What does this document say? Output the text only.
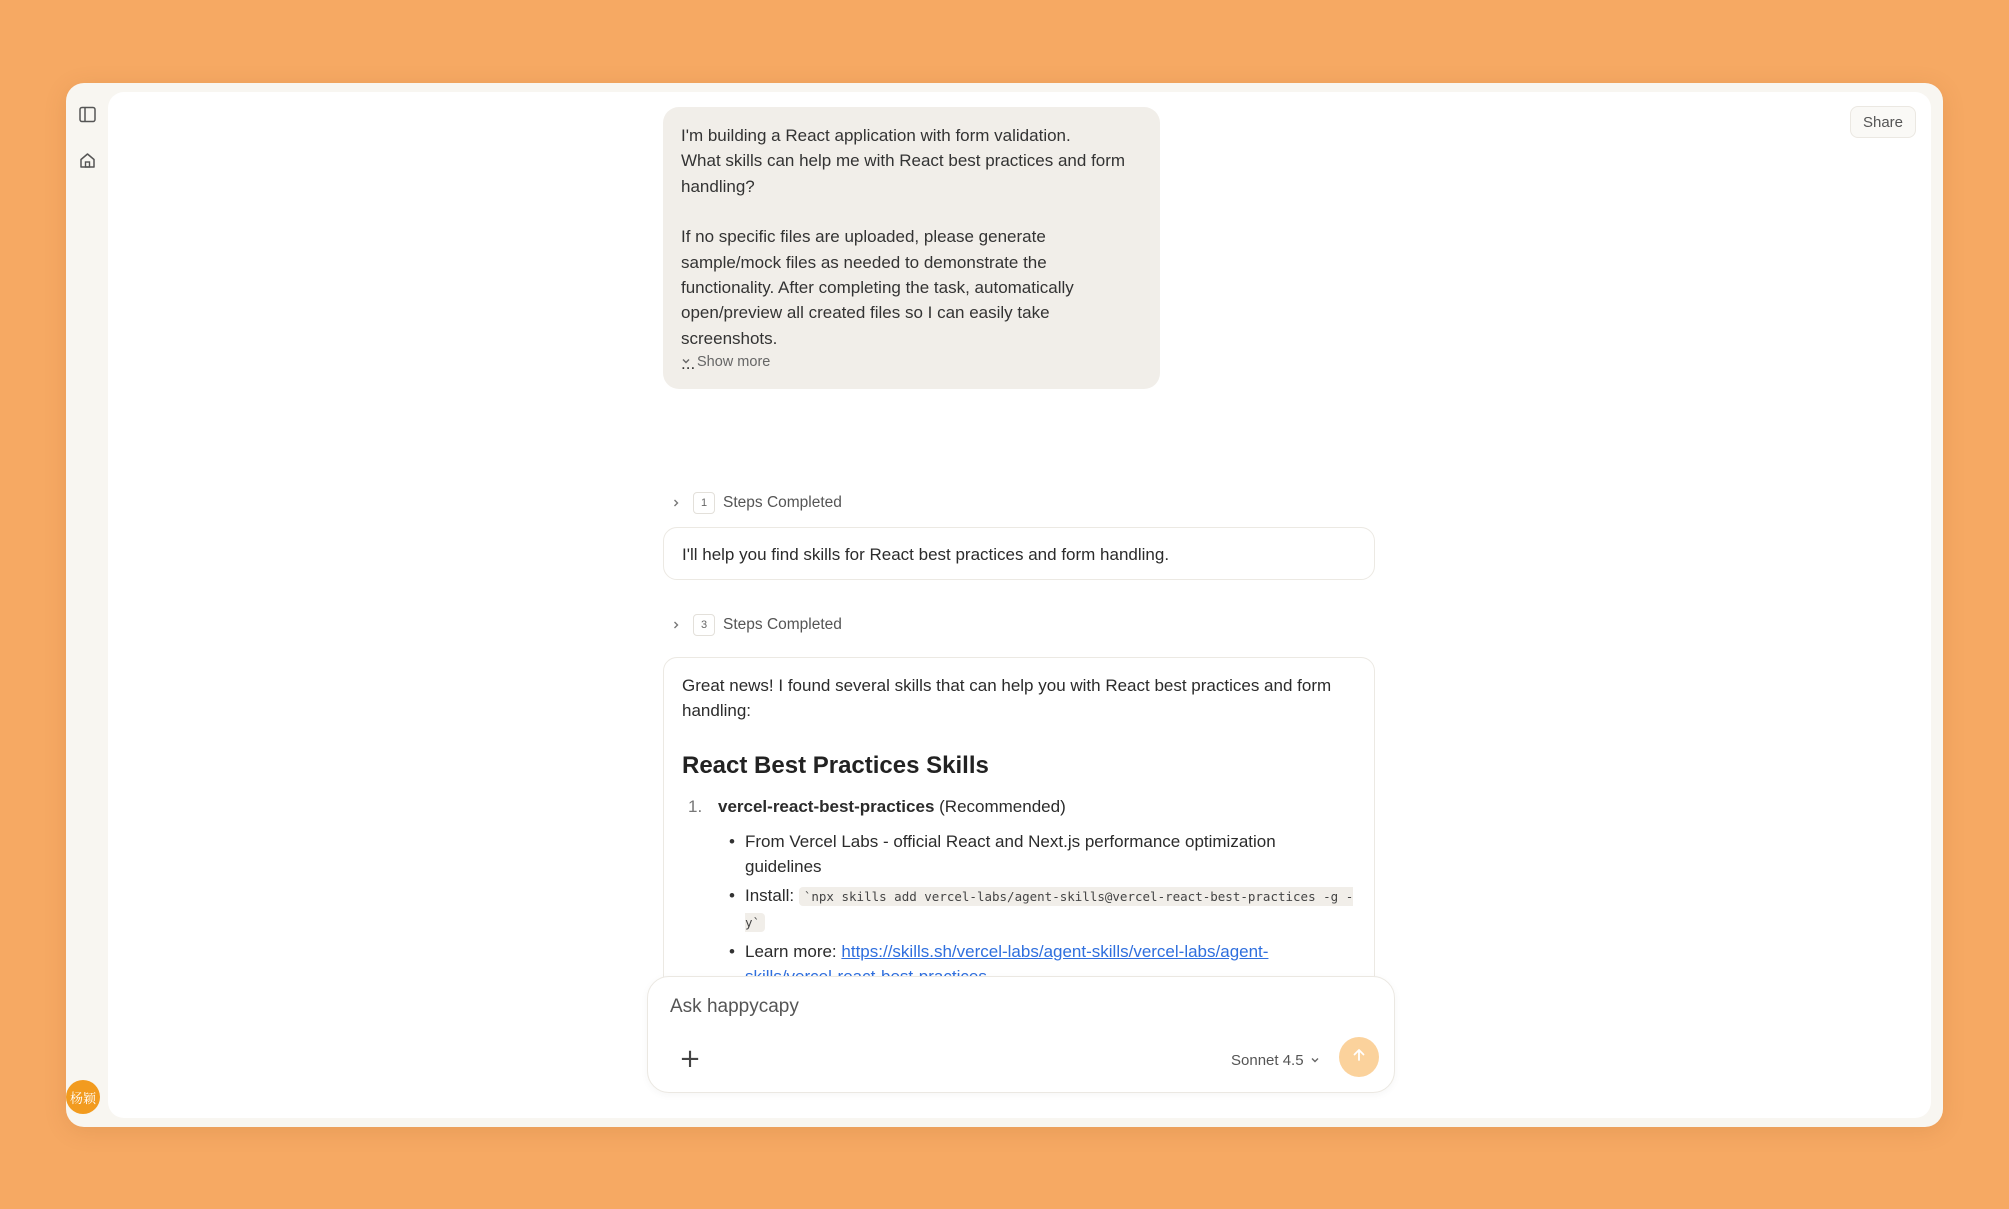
杨颖
Share

I'm building a React application with form validation.
What skills can help me with React best practices and form handling?

If no specific files are uploaded, please generate sample/mock files as needed to demonstrate the functionality. After completing the task, automatically open/preview all created files so I can easily take screenshots.

... Show more
1	Steps Completed
I'll help you find skills for React best practices and form handling.
3	Steps Completed

Great news! I found several skills that can help you with React best practices and form handling:

React Best Practices Skills
1. vercel-react-best-practices (Recommended)
• From Vercel Labs - official React and Next.js performance optimization guidelines
• Install: `npx skills add vercel-labs/agent-skills@vercel-react-best-practices -g -y`
• Learn more: https://skills.sh/vercel-labs/agent-skills/vercel-labs/agent-
•
•
Ask happycapy
+	Sonnet 4.5
